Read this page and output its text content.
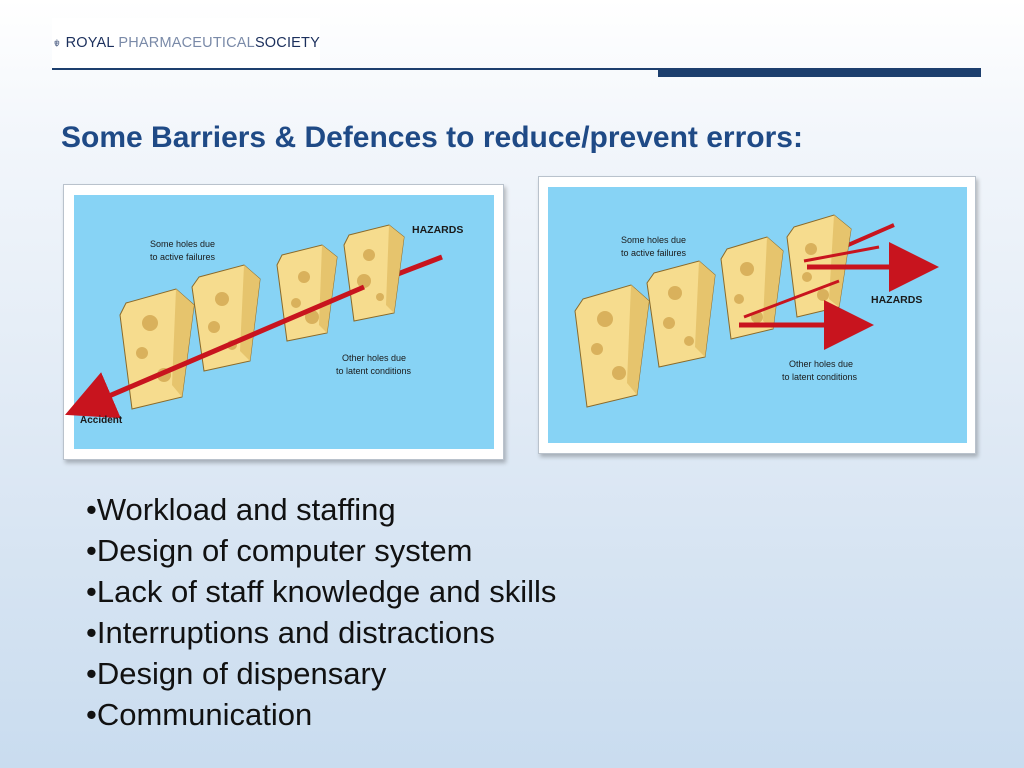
ROYAL PHARMACEUTICALSOCIETY
Some Barriers & Defences to reduce/prevent errors:
HAZARDS
Some holes due
to active failures
Other holes due
to latent conditions
Accident
HAZARDS
Some holes due
to active failures
Other holes due
to latent conditions
•Workload and staffing
•Design of computer system
•Lack of staff knowledge and skills
•Interruptions and distractions
•Design of dispensary
•Communication
